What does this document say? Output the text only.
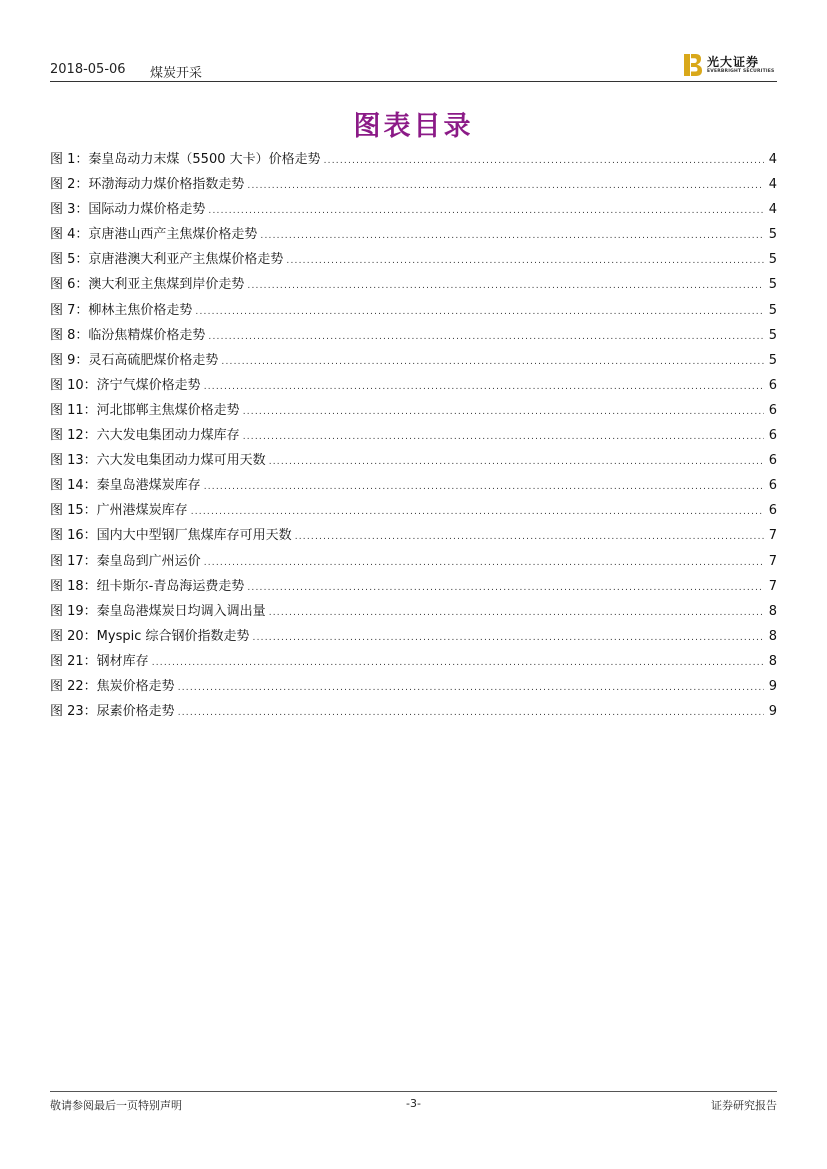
2018-05-06 煤炭开采
光大证券
EVERBRIGHT SECURITIES
图表目录
图 1：秦皇岛动力末煤（5500 大卡）价格走势 .....	4
图 2：环渤海动力煤价格指数走势 .....	4
图 3：国际动力煤价格走势 .....	4
图 4：京唐港山西产主焦煤价格走势 .....	5
图 5：京唐港澳大利亚产主焦煤价格走势 .....	5
图 6：澳大利亚主焦煤到岸价走势 .....	5
图 7：柳林主焦价格走势 .....	5
图 8：临汾焦精煤价格走势 .....	5
图 9：灵石高硫肥煤价格走势 .....	5
图 10：济宁气煤价格走势 .....	6
图 11：河北邯郸主焦煤价格走势 .....	6
图 12：六大发电集团动力煤库存 .....	6
图 13：六大发电集团动力煤可用天数 .....	6
图 14：秦皇岛港煤炭库存 .....	6
图 15：广州港煤炭库存 .....	6
图 16：国内大中型钢厂焦煤库存可用天数 .....	7
图 17：秦皇岛到广州运价 .....	7
图 18：纽卡斯尔-青岛海运费走势 .....	7
图 19：秦皇岛港煤炭日均调入调出量 .....	8
图 20：Myspic 综合钢价指数走势 .....	8
图 21：钢材库存 .....	8
图 22：焦炭价格走势 .....	9
图 23：尿素价格走势 .....	9
敬请参阅最后一页特别声明	-3-	证券研究报告
